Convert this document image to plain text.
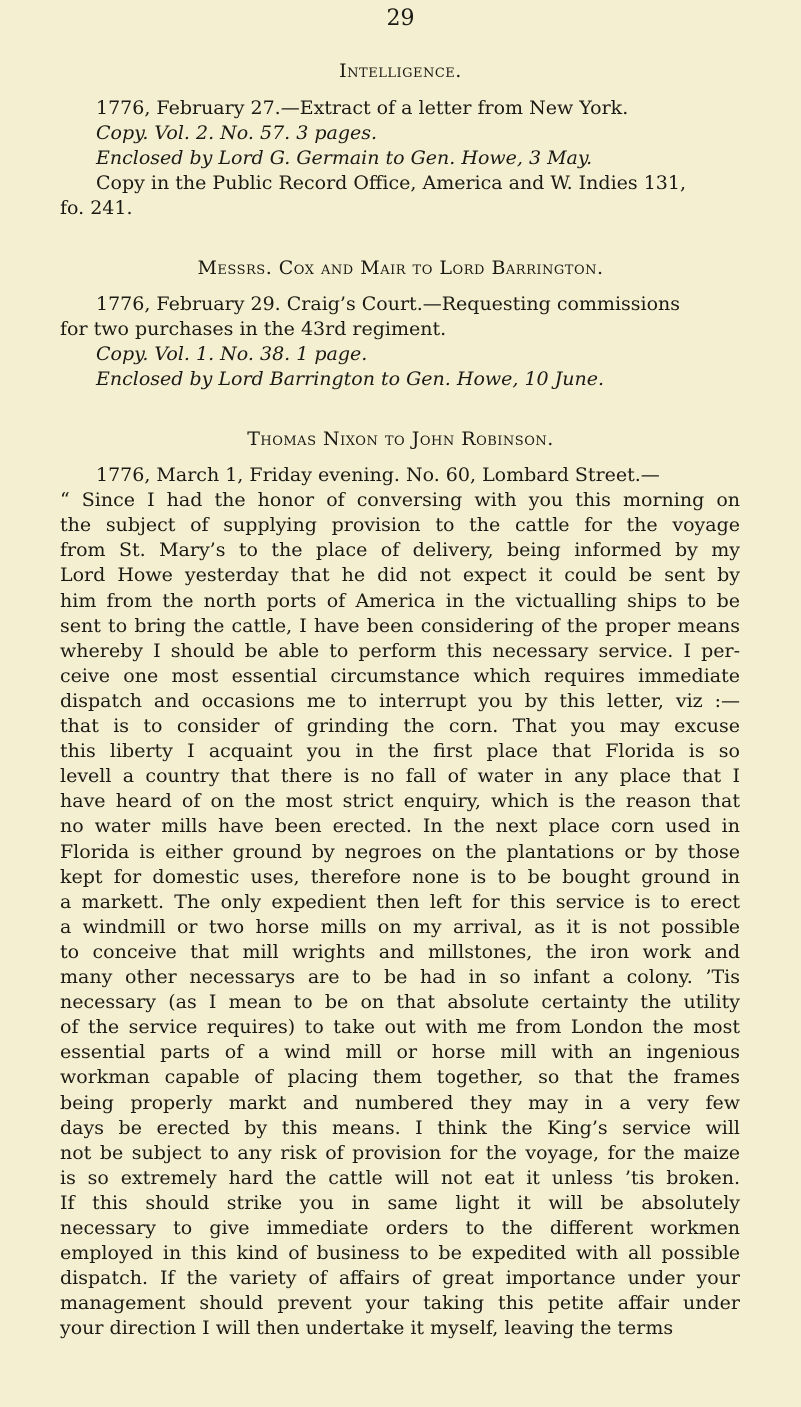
29
Intelligence.
1776, February 27.—Extract of a letter from New York.
Copy. Vol. 2. No. 57. 3 pages.
Enclosed by Lord G. Germain to Gen. Howe, 3 May.
Copy in the Public Record Office, America and W. Indies 131,
fo. 241.
Messrs. Cox and Mair to Lord Barrington.
1776, February 29. Craig’s Court.—Requesting commissions
for two purchases in the 43rd regiment.
Copy. Vol. 1. No. 38. 1 page.
Enclosed by Lord Barrington to Gen. Howe, 10 June.
Thomas Nixon to John Robinson.
1776, March 1, Friday evening. No. 60, Lombard Street.—
“ Since I had the honor of conversing with you this morning on
the subject of supplying provision to the cattle for the voyage
from St. Mary’s to the place of delivery, being informed by my
Lord Howe yesterday that he did not expect it could be sent by
him from the north ports of America in the victualling ships to be
sent to bring the cattle, I have been considering of the proper means
whereby I should be able to perform this necessary service. I per-
ceive one most essential circumstance which requires immediate
dispatch and occasions me to interrupt you by this letter, viz :—
that is to consider of grinding the corn. That you may excuse
this liberty I acquaint you in the first place that Florida is so
levell a country that there is no fall of water in any place that I
have heard of on the most strict enquiry, which is the reason that
no water mills have been erected. In the next place corn used in
Florida is either ground by negroes on the plantations or by those
kept for domestic uses, therefore none is to be bought ground in
a markett. The only expedient then left for this service is to erect
a windmill or two horse mills on my arrival, as it is not possible
to conceive that mill wrights and millstones, the iron work and
many other necessarys are to be had in so infant a colony. ’Tis
necessary (as I mean to be on that absolute certainty the utility
of the service requires) to take out with me from London the most
essential parts of a wind mill or horse mill with an ingenious
workman capable of placing them together, so that the frames
being properly markt and numbered they may in a very few
days be erected by this means. I think the King’s service will
not be subject to any risk of provision for the voyage, for the maize
is so extremely hard the cattle will not eat it unless ’tis broken.
If this should strike you in same light it will be absolutely
necessary to give immediate orders to the different workmen
employed in this kind of business to be expedited with all possible
dispatch. If the variety of affairs of great importance under your
management should prevent your taking this petite affair under
your direction I will then undertake it myself, leaving the terms
